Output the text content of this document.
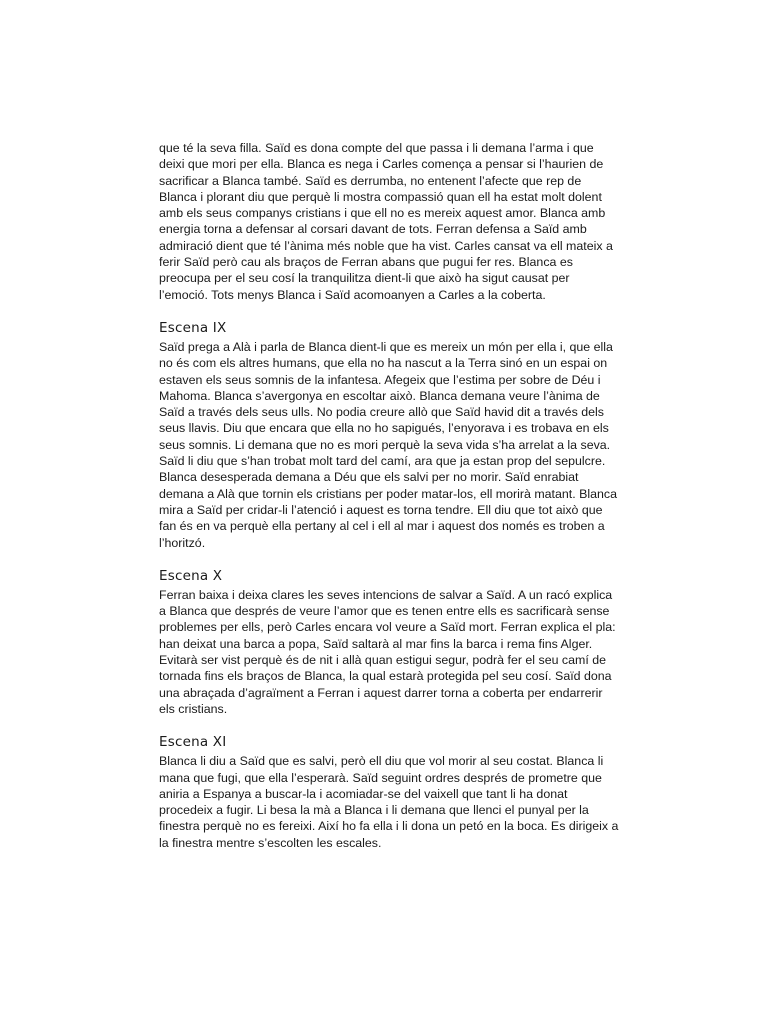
que té la seva filla. Saïd es dona compte del que passa i li demana l’arma i que deixi que mori per ella. Blanca es nega i Carles comença a pensar si l’haurien de sacrificar a Blanca també. Saïd es derrumba, no entenent l’afecte que rep de Blanca i plorant diu que perquè li mostra compassió quan ell ha estat molt dolent amb els seus companys cristians i que ell no es mereix aquest amor. Blanca amb energia torna a defensar al corsari davant de tots. Ferran defensa a Saïd amb admiració dient que té l’ànima més noble que ha vist. Carles cansat va ell mateix a ferir Saïd però cau als braços de Ferran abans que pugui fer res. Blanca es preocupa per el seu cosí la tranquilitza dient-li que això ha sigut causat per l’emoció. Tots menys Blanca i Saïd acomoanyen a Carles a la coberta.

Escena IX

Saïd prega a Alà i parla de Blanca dient-li que es mereix un món per ella i, que ella no és com els altres humans, que ella no ha nascut a la Terra sinó en un espai on estaven els seus somnis de la infantesa. Afegeix que l’estima per sobre de Déu i Mahoma. Blanca s’avergonya en escoltar això. Blanca demana veure l’ànima de Saïd a través dels seus ulls. No podia creure allò que Saïd havid dit a través dels seus llavis. Diu que encara que ella no ho sapigués, l’enyorava i es trobava en els seus somnis. Li demana que no es mori perquè la seva vida s’ha arrelat a la seva. Saïd li diu que s’han trobat molt tard del camí, ara que ja estan prop del sepulcre. Blanca desesperada demana a Déu que els salvi per no morir. Saïd enrabiat demana a Alà que tornin els cristians per poder matar-los, ell morirà matant. Blanca mira a Saïd per cridar-li l’atenció i aquest es torna tendre. Ell diu que tot això que fan és en va perquè ella pertany al cel i ell al mar i aquest dos només es troben a l’horitzó.

Escena X

Ferran baixa i deixa clares les seves intencions de salvar a Saïd. A un racó explica a Blanca que després de veure l’amor que es tenen entre ells es sacrificarà sense problemes per ells, però Carles encara vol veure a Saïd mort. Ferran explica el pla: han deixat una barca a popa, Saïd saltarà al mar fins la barca i rema fins Alger. Evitarà ser vist perquè és de nit i allà quan estigui segur, podrà fer el seu camí de tornada fins els braços de Blanca, la qual estarà protegida pel seu cosí. Saïd dona una abraçada d’agraïment a Ferran i aquest darrer torna a coberta per endarrerir els cristians.

Escena XI

Blanca li diu a Saïd que es salvi, però ell diu que vol morir al seu costat. Blanca li mana que fugi, que ella l’esperarà. Saïd seguint ordres després de prometre que aniria a Espanya a buscar-la i acomiadar-se del vaixell que tant li ha donat procedeix a fugir. Li besa la mà a Blanca i li demana que llenci el punyal per la finestra perquè no es fereixi. Així ho fa ella i li dona un petó en la boca. Es dirigeix a la finestra mentre s’escolten les escales.
